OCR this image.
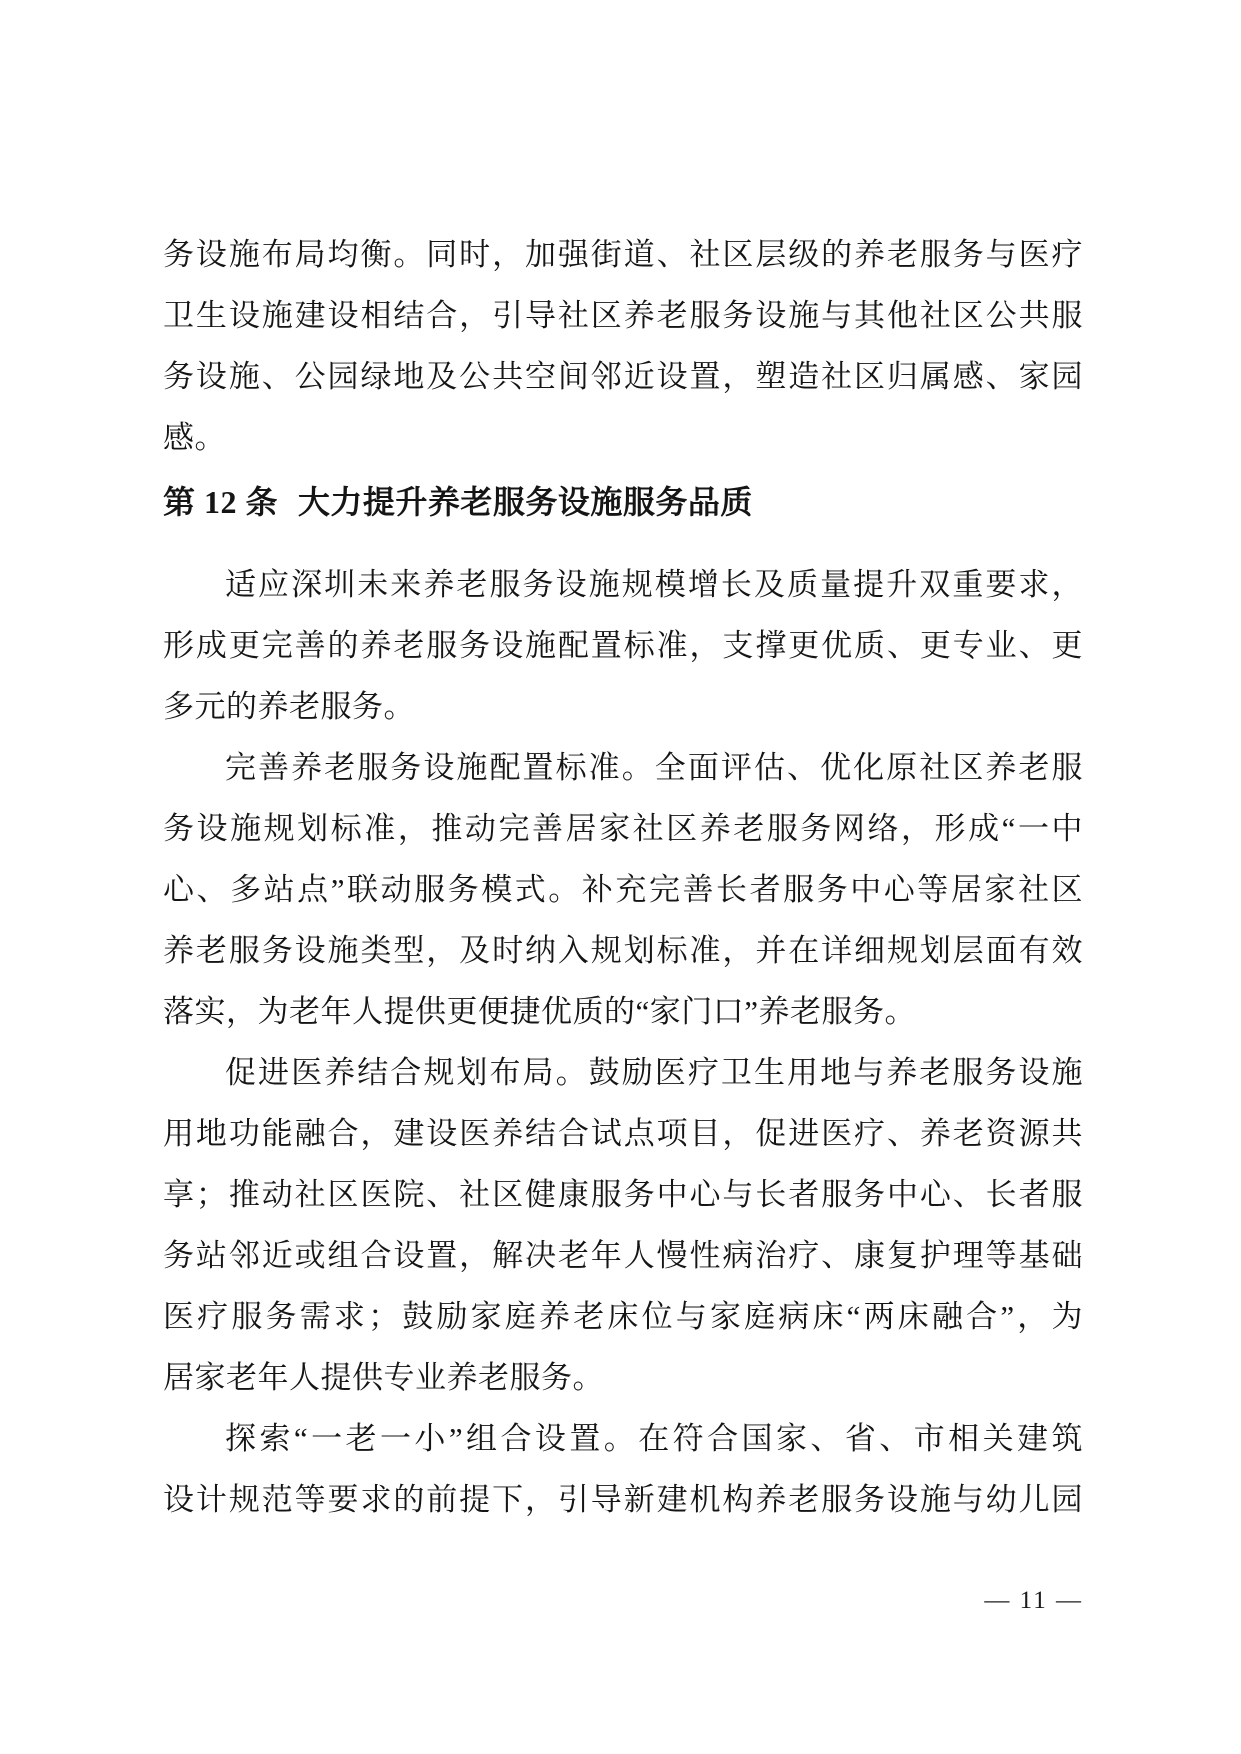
务设施布局均衡。同时，加强街道、社区层级的养老服务与医疗
卫生设施建设相结合，引导社区养老服务设施与其他社区公共服
务设施、公园绿地及公共空间邻近设置，塑造社区归属感、家园
感。
第 12 条 大力提升养老服务设施服务品质
适应深圳未来养老服务设施规模增长及质量提升双重要求，
形成更完善的养老服务设施配置标准，支撑更优质、更专业、更
多元的养老服务。
完善养老服务设施配置标准。全面评估、优化原社区养老服
务设施规划标准，推动完善居家社区养老服务网络，形成“一中
心、多站点”联动服务模式。补充完善长者服务中心等居家社区
养老服务设施类型，及时纳入规划标准，并在详细规划层面有效
落实，为老年人提供更便捷优质的“家门口”养老服务。
促进医养结合规划布局。鼓励医疗卫生用地与养老服务设施
用地功能融合，建设医养结合试点项目，促进医疗、养老资源共
享；推动社区医院、社区健康服务中心与长者服务中心、长者服
务站邻近或组合设置，解决老年人慢性病治疗、康复护理等基础
医疗服务需求；鼓励家庭养老床位与家庭病床“两床融合”，为
居家老年人提供专业养老服务。
探索“一老一小”组合设置。在符合国家、省、市相关建筑
设计规范等要求的前提下，引导新建机构养老服务设施与幼儿园
— 11 —
